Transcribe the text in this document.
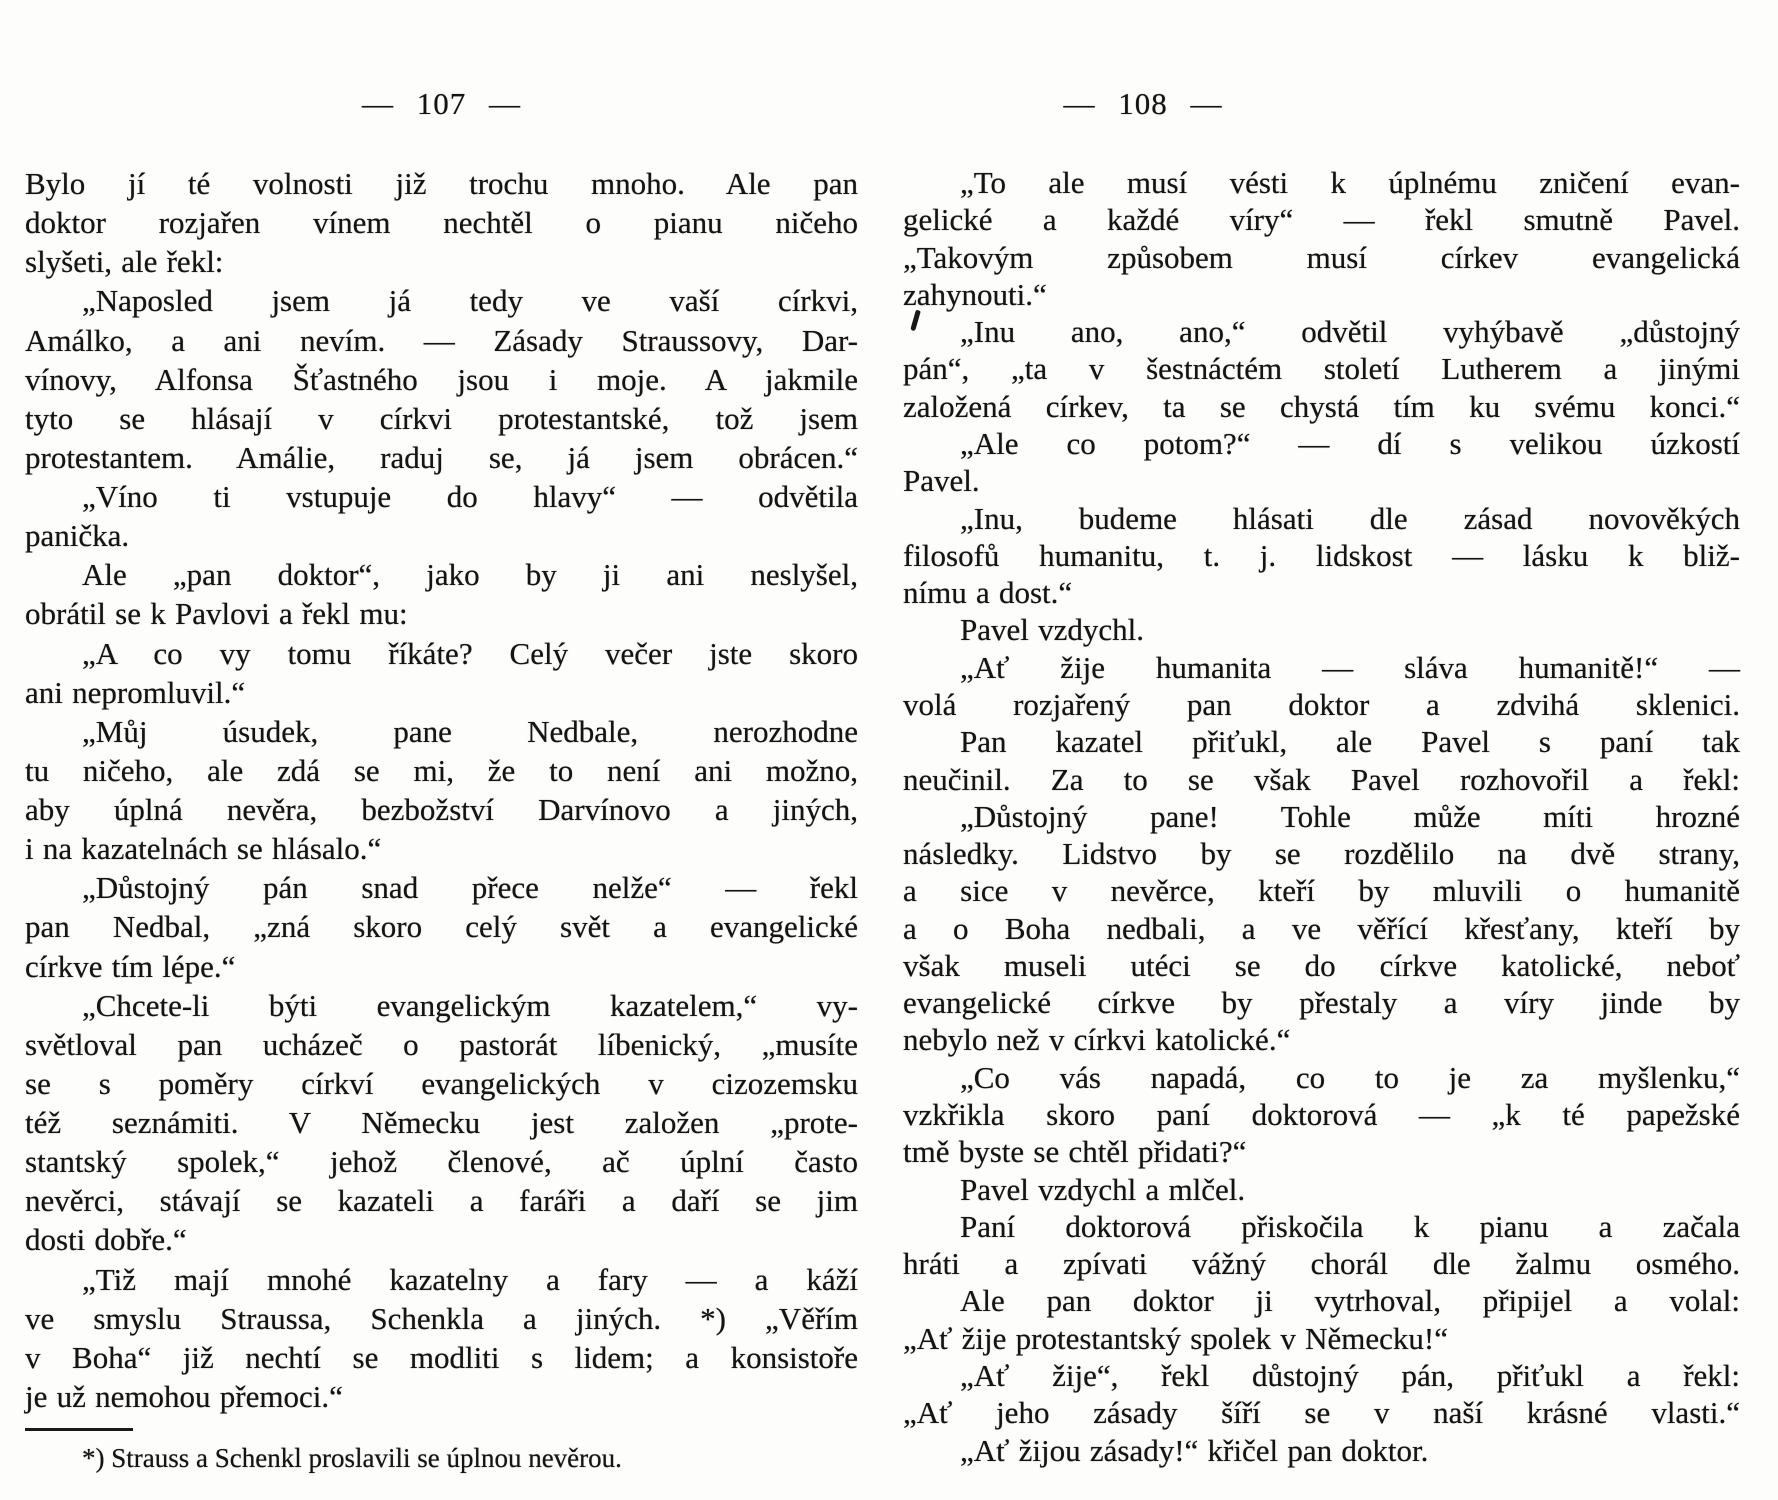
— 107 —
Bylo jí té volnosti již trochu mnoho. Ale pan
doktor rozjařen vínem nechtěl o pianu ničeho
slyšeti, ale řekl:
„Naposled jsem já tedy ve vaší církvi,
Amálko, a ani nevím. — Zásady Straussovy, Dar-
vínovy, Alfonsa Šťastného jsou i moje. A jakmile
tyto se hlásají v církvi protestantské, tož jsem
protestantem. Amálie, raduj se, já jsem obrácen.“
„Víno ti vstupuje do hlavy“ — odvětila
panička.
Ale „pan doktor“, jako by ji ani neslyšel,
obrátil se k Pavlovi a řekl mu:
„A co vy tomu říkáte? Celý večer jste skoro
ani nepromluvil.“
„Můj úsudek, pane Nedbale, nerozhodne
tu ničeho, ale zdá se mi, že to není ani možno,
aby úplná nevěra, bezbožství Darvínovo a jiných,
i na kazatelnách se hlásalo.“
„Důstojný pán snad přece nelže“ — řekl
pan Nedbal, „zná skoro celý svět a evangelické
církve tím lépe.“
„Chcete-li býti evangelickým kazatelem,“ vy-
světloval pan ucházeč o pastorát líbenický, „musíte
se s poměry církví evangelických v cizozemsku
též seznámiti. V Německu jest založen „prote-
stantský spolek,“ jehož členové, ač úplní často
nevěrci, stávají se kazateli a faráři a daří se jim
dosti dobře.“
„Tiž mají mnohé kazatelny a fary — a káží
ve smyslu Straussa, Schenkla a jiných. *) „Věřím
v Boha“ již nechtí se modliti s lidem; a konsistoře
je už nemohou přemoci.“
*) Strauss a Schenkl proslavili se úplnou nevěrou.
— 108 —
„To ale musí vésti k úplnému zničení evan-
gelické a každé víry“ — řekl smutně Pavel.
„Takovým způsobem musí církev evangelická
zahynouti.“
„Inu ano, ano,“ odvětil vyhýbavě „důstojný
pán“, „ta v šestnáctém století Lutherem a jinými
založená církev, ta se chystá tím ku svému konci.“
„Ale co potom?“ — dí s velikou úzkostí
Pavel.
„Inu, budeme hlásati dle zásad novověkých
filosofů humanitu, t. j. lidskost — lásku k bliž-
nímu a dost.“
Pavel vzdychl.
„Ať žije humanita — sláva humanitě!“ —
volá rozjařený pan doktor a zdvihá sklenici.
Pan kazatel přiťukl, ale Pavel s paní tak
neučinil. Za to se však Pavel rozhovořil a řekl:
„Důstojný pane! Tohle může míti hrozné
následky. Lidstvo by se rozdělilo na dvě strany,
a sice v nevěrce, kteří by mluvili o humanitě
a o Boha nedbali, a ve věřící křesťany, kteří by
však museli utéci se do církve katolické, neboť
evangelické církve by přestaly a víry jinde by
nebylo než v církvi katolické.“
„Co vás napadá, co to je za myšlenku,“
vzkřikla skoro paní doktorová — „k té papežské
tmě byste se chtěl přidati?“
Pavel vzdychl a mlčel.
Paní doktorová přiskočila k pianu a začala
hráti a zpívati vážný chorál dle žalmu osmého.
Ale pan doktor ji vytrhoval, připijel a volal:
„Ať žije protestantský spolek v Německu!“
„Ať žije“, řekl důstojný pán, přiťukl a řekl:
„Ať jeho zásady šíří se v naší krásné vlasti.“
„Ať žijou zásady!“ křičel pan doktor.
